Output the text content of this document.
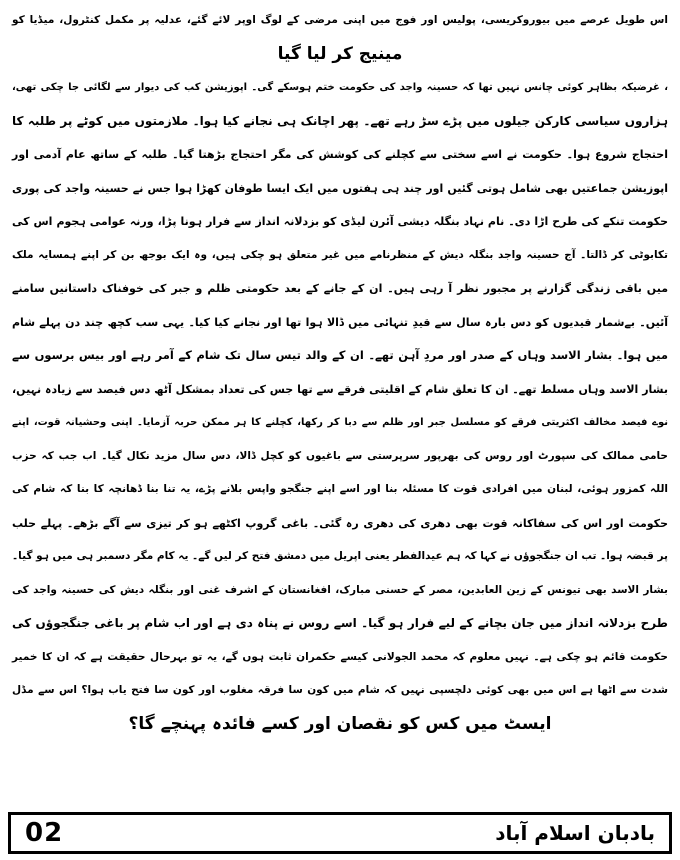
اس طویل عرصے میں بیوروکریسی، پولیس اور فوج میں اپنی مرضی کے لوگ اوپر لائے گئے، عدلیہ پر مکمل کنٹرول، میڈیا کو
مینیج کر لیا گیا
، غرضیکہ بظاہر کوئی چانس نہیں تھا کہ حسینہ واجد کی حکومت ختم ہوسکے گی۔ اپوزیشن کب کی دیوار سے لگائی جا چکی تھی،
ہزاروں سیاسی کارکن جیلوں میں پڑے سڑ رہے تھے۔ پھر اچانک ہی نجانے کیا ہوا۔ ملازمتوں میں کوٹے پر طلبہ کا
احتجاج شروع ہوا۔ حکومت نے اسے سختی سے کچلنے کی کوشش کی مگر احتجاج بڑھتا گیا۔ طلبہ کے ساتھ عام آدمی اور
اپوزیشن جماعتیں بھی شامل ہوتی گئیں اور چند ہی ہفتوں میں ایک ایسا طوفان کھڑا ہوا جس نے حسینہ واجد کی پوری
حکومت تنکے کی طرح اڑا دی۔ نام نہاد بنگلہ دیشی آئرن لیڈی کو بزدلانہ انداز سے فرار ہونا پڑا، ورنہ عوامی ہجوم اس کی
تکابوٹی کر ڈالتا۔ آج حسینہ واجد بنگلہ دیش کے منظرنامے میں غیر متعلق ہو چکی ہیں، وہ ایک بوجھ بن کر اپنے ہمسایہ ملک
میں باقی زندگی گزارنے پر مجبور نظر آ رہی ہیں۔ ان کے جانے کے بعد حکومتی ظلم و جبر کی خوفناک داستانیں سامنے
آئیں۔ بےشمار قیدیوں کو دس بارہ سال سے قیدِ تنہائی میں ڈالا ہوا تھا اور نجانے کیا کیا۔ یہی سب کچھ چند دن پہلے شام
میں ہوا۔ بشار الاسد وہاں کے صدر اور مردِ آہن تھے۔ ان کے والد تیس سال تک شام کے آمر رہے اور بیس برسوں سے
بشار الاسد وہاں مسلط تھے۔ ان کا تعلق شام کے اقلیتی فرقے سے تھا جس کی تعداد بمشکل آٹھ دس فیصد سے زیادہ نہیں،
نوے فیصد مخالف اکثریتی فرقے کو مسلسل جبر اور ظلم سے دبا کر رکھا، کچلنے کا ہر ممکن حربہ آزمایا۔ اپنی وحشیانہ قوت، اپنے
حامی ممالک کی سپورٹ اور روس کی بھرپور سرپرستی سے باغیوں کو کچل ڈالا، دس سال مزید نکال گیا۔ اب جب کہ حزب
اللہ کمزور ہوئی، لبنان میں افرادی قوت کا مسئلہ بنا اور اسے اپنے جنگجو واپس بلانے پڑے، یہ تنا بنا ڈھانچہ کا بنا کہ شام کی
حکومت اور اس کی سفاکانہ قوت بھی دھری کی دھری رہ گئی۔ باغی گروپ اکٹھے ہو کر تیزی سے آگے بڑھے۔ پہلے حلب
پر قبضہ ہوا۔ تب ان جنگجوؤں نے کہا کہ ہم عیدالفطر یعنی اپریل میں دمشق فتح کر لیں گے۔ یہ کام مگر دسمبر ہی میں ہو گیا۔
بشار الاسد بھی تیونس کے زین العابدین، مصر کے حسنی مبارک، افغانستان کے اشرف غنی اور بنگلہ دیش کی حسینہ واجد کی
طرح بزدلانہ انداز میں جان بچانے کے لیے فرار ہو گیا۔ اسے روس نے پناہ دی ہے اور اب شام پر باغی جنگجوؤں کی
حکومت قائم ہو چکی ہے۔ نہیں معلوم کہ محمد الجولانی کیسے حکمران ثابت ہوں گے، یہ تو بہرحال حقیقت ہے کہ ان کا خمیر
شدت سے اٹھا ہے اس میں بھی کوئی دلچسپی نہیں کہ شام میں کون سا فرقہ مغلوب اور کون سا فتح یاب ہوا؟ اس سے مڈل
ایسٹ میں کس کو نقصان اور کسے فائدہ پہنچے گا؟
02	بادبان اسلام آباد
